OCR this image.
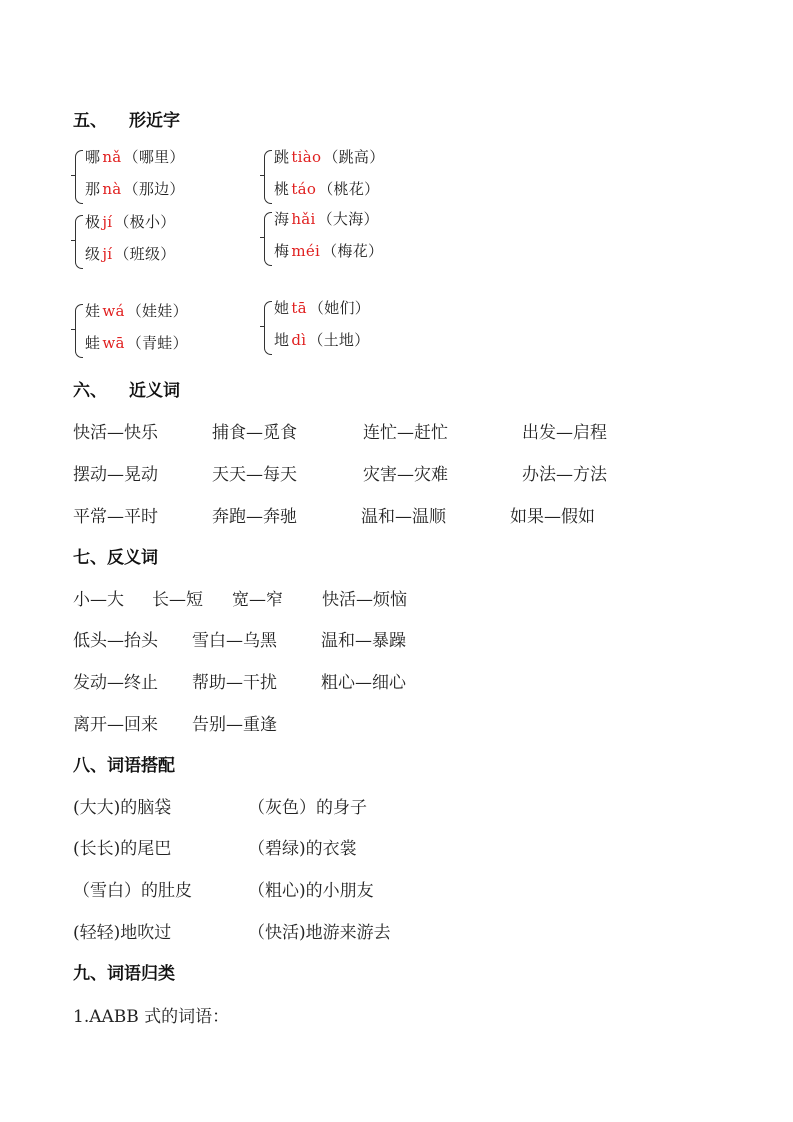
五、 形近字
哪 nǎ （哪里）
那 nà （那边）
跳 tiào （跳高）
桃 táo （桃花）
极 jí （极小）
级 jí （班级）
海 hǎi （大海）
梅 méi （梅花）
娃 wá （娃娃）
蛙 wā （青蛙）
她 tā （她们）
地 dì （土地）
六、 近义词
快活—快乐	捕食—觅食	连忙—赶忙	出发—启程
摆动—晃动	天天—每天	灾害—灾难	办法—方法
平常—平时	奔跑—奔驰	温和—温顺	如果—假如
七、反义词
小—大 长—短 宽—窄 快活—烦恼
低头—抬头 雪白—乌黑	温和—暴躁
发动—终止 帮助—干扰	粗心—细心
离开—回来 告别—重逢
八、词语搭配
(大大)的脑袋	（灰色）的身子
(长长)的尾巴	（碧绿)的衣裳
（雪白）的肚皮	（粗心)的小朋友
(轻轻)地吹过	（快活)地游来游去
九、词语归类
1.AABB 式的词语：
